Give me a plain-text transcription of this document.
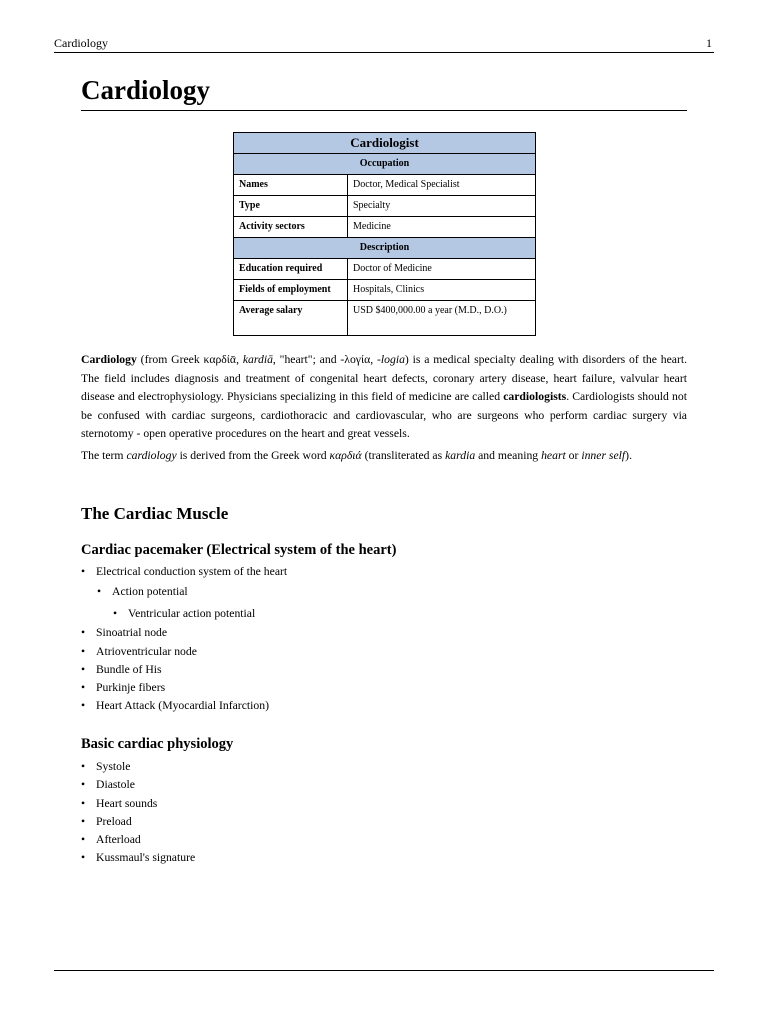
Cardiology	1
Cardiology
Cardiologist	
Occupation	
Names	Doctor, Medical Specialist
Type	Specialty
Activity sectors	Medicine
Description	
Education required	Doctor of Medicine
Fields of employment	Hospitals, Clinics
Average salary	USD $400,000.00 a year (M.D., D.O.)

Cardiology (from Greek καρδίᾱ, kardiā, "heart"; and -λογία, -logia) is a medical specialty dealing with disorders of the heart. The field includes diagnosis and treatment of congenital heart defects, coronary artery disease, heart failure, valvular heart disease and electrophysiology. Physicians specializing in this field of medicine are called cardiologists. Cardiologists should not be confused with cardiac surgeons, cardiothoracic and cardiovascular, who are surgeons who perform cardiac surgery via sternotomy - open operative procedures on the heart and great vessels.

The term cardiology is derived from the Greek word καρδιά (transliterated as kardia and meaning heart or inner self).

The Cardiac Muscle
Cardiac pacemaker (Electrical system of the heart)
• Electrical conduction system of the heart
• Action potential
• Ventricular action potential
• Sinoatrial node
• Atrioventricular node
• Bundle of His
• Purkinje fibers
• Heart Attack (Myocardial Infarction)
Basic cardiac physiology
• Systole
• Diastole
• Heart sounds
• Preload
• Afterload
• Kussmaul's signature
